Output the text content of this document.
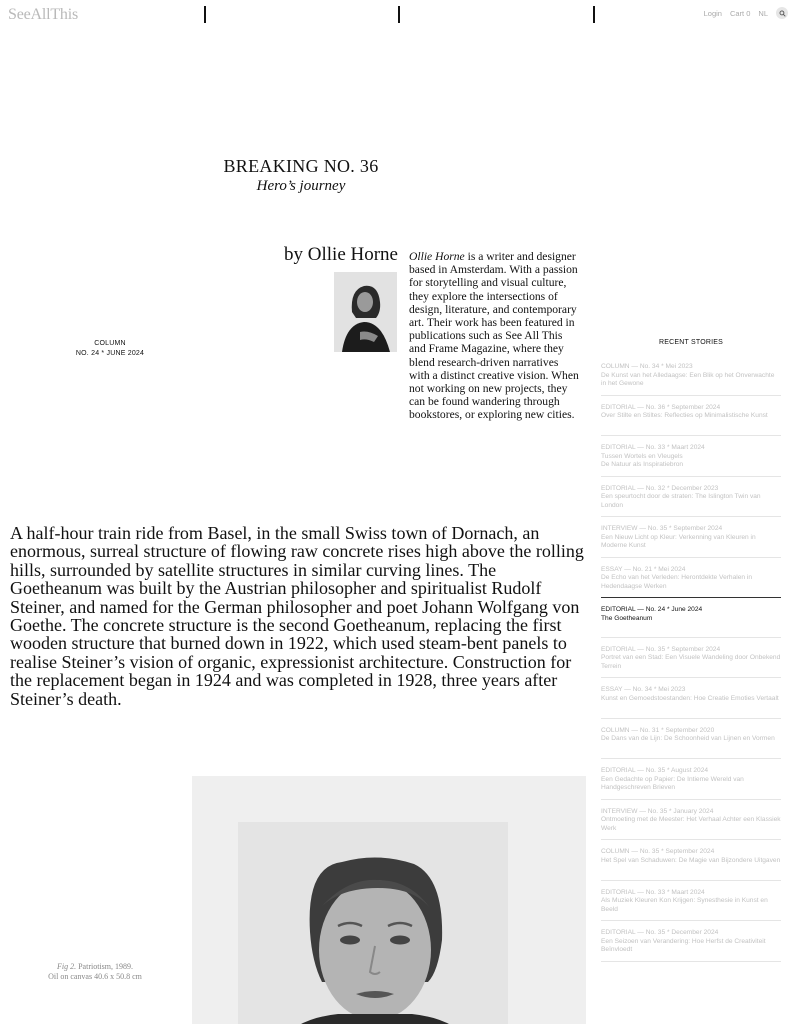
SeeAllThis	Login Cart 0 NL
BREAKING NO. 36
Hero’s journey
by Ollie Horne Ollie Horne is a writer and designer based in Amsterdam. With a passion for storytelling and visual culture, they explore the intersections of design, literature, and contemporary art. Their work has been featured in publications such as See All This and Frame Magazine, where they blend research-driven narratives with a distinct creative vision. When not working on new projects, they can be found wandering through bookstores, or exploring new cities.
COLUMN
NO. 24 * JUNE 2024
A half-hour train ride from Basel, in the small Swiss town of Dornach, an enormous, surreal structure of flowing raw concrete rises high above the rolling hills, surrounded by satellite structures in similar curving lines. The Goetheanum was built by the Austrian philosopher and spiritualist Rudolf Steiner, and named for the German philosopher and poet Johann Wolfgang von Goethe. The concrete structure is the second Goetheanum, replacing the first wooden structure that burned down in 1922, which used steam-bent panels to realise Steiner’s vision of organic, expressionist architecture. Construction for the replacement began in 1924 and was completed in 1928, three years after Steiner’s death.
Fig 2. Patriotism, 1989.
Oil on canvas 40.6 x 50.8 cm
RECENT STORIES
COLUMN — No. 34 * Mei 2023
De Kunst van het Alledaagse: Een Blik op het Onverwachte in het Gewone
EDITORIAL — No. 36 * September 2024
Over Stilte en Stiltes: Reflecties op Minimalistische Kunst
EDITORIAL — No. 33 * Maart 2024
Tussen Wortels en Vleugels
De Natuur als Inspiratiebron
EDITORIAL — No. 32 * December 2023
Een speurtocht door de straten: The Islington Twin van London
INTERVIEW — No. 35 * September 2024
Een Nieuw Licht op Kleur: Verkenning van Kleuren in Moderne Kunst
ESSAY — No. 21 * Mei 2024
De Echo van het Verleden: Herontdekte Verhalen in Hedendaagse Werken
EDITORIAL — No. 24 * June 2024
The Goetheanum
EDITORIAL — No. 35 * September 2024
Portret van een Stad: Een Visuele Wandeling door Onbekend Terrein
ESSAY — No. 34 * Mei 2023
Kunst en Gemoedstoestanden: Hoe Creatie Emoties Vertaalt
COLUMN — No. 31 * September 2020
De Dans van de Lijn: De Schoonheid van Lijnen en Vormen
EDITORIAL — No. 35 * August 2024
Een Gedachte op Papier: De Intieme Wereld van Handgeschreven Brieven
INTERVIEW — No. 35 * January 2024
Ontmoeting met de Meester: Het Verhaal Achter een Klassiek Werk
COLUMN — No. 35 * September 2024
Het Spel van Schaduwen: De Magie van Bijzondere Uitgaven
EDITORIAL — No. 33 * Maart 2024
Als Muziek Kleuren Kon Krijgen: Synesthesie in Kunst en Beeld
EDITORIAL — No. 35 * December 2024
Een Seizoen van Verandering: Hoe Herfst de Creativiteit Beïnvloedt
